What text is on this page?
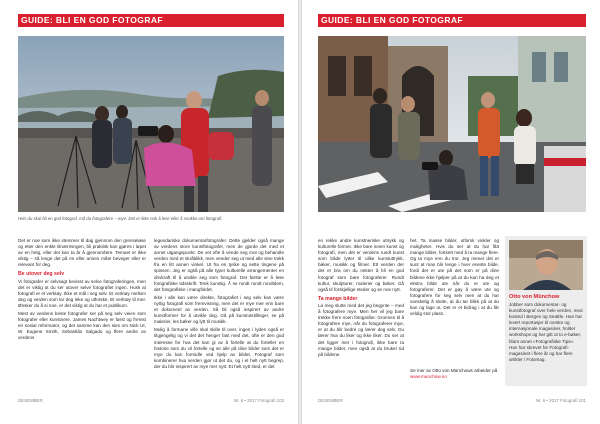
GUIDE: BLI EN GOD FOTOGRAF
Hvis du skal bli en god fotograf, må du fotografere – mye. Det er ikke nok å lese eller å snakke om fotografi.

Det er noe som ikke stemmer til dag gjennom den grenseløse og etter den enkle tilnærmingen, bli praktisk kan gjøres i løpet av en helg, eller det kan ta år å gjennomføre. Temaet er ikke viktig – så lenge det på en eller annen måte beveger eller er relevant for deg.

Be utover deg selv

Vi fotografer er selvsagt bevisst av selve fotograferingen, men det er viktig at du ser utover selve fotografiet ingen. Husk at fotografi er et verktøy. Ikke et mål i seg selv. Et verktøy mellom deg og verden som lar deg leke og utforske. Et verktøy til mer. Ønsker du å si noe, er det viktig at du har et publikum.

Mest av verdens beste fotografer ser på seg selv veien som fotografer eller kunstnere. James Nachtwey er først og fremst en sosial reformator, og det samme kan den sies om Nick Ut, W. Eugene Smith, Sebastião Salgado og flere andre av verdens

legendariske dokumentarfotografer. Dette gjelder også mange av verdens store kunstfotografer, men de gjorde det med et annet utgangspunkt. De vet ofte å vende seg mot og behandle verden med et skråblikk, men vender seg ut med alle sine trekk fra en litt annen vinkel. Ut fra en tyske og sette tingene på spissen. Jeg er også på alle typer kulturelle arrangementer en drivkraft til å utvikle seg som fotograf. Det første er å lese fotografiske tidsskrift. Tenk kunstig. Å se rundt rundt rundtdem, det fotografiske i mangfoldet.

Ikke i alle kan være direkte, fotografiet i seg selv kan være nyttig fotografi som fremvisning, men det er mye mer enn bare et dokument av verden. Så bli også inspirert av andre kunstformer for å utvikle deg. Gå på kunstutstillinger, se på malerier, les bøker og lytt til musikk.

Mulig å formane ville skal skille til over, ingen i lyden også er tilgjengelig og vi det det henger fast med det, ofte er den god interesse for hva det kan gi av å fortelle at du forteller en historie som du vil fortelle og se alle på dine bilder som det er mye du kan formidle ved hjelp av bildet. Fotograf som kombinerer hva verden gjør ut det du, og i et helt nytt begrep, der du blir inspirert av mye mer nytt. Et helt nytt sted, er det

DESEMBER	Nr. 6 • 2017 Fotografi 103
GUIDE: BLI EN GOD FOTOGRAF

en rekke andre kunstneriske uttrykk og kulturelle former. Ikke bare innen kunst og fotografi, men det er verdens rundt kunst som både lytter til ulike kunstuttrykk, bøker, musikk og filmer. Ett verden der det er bra om du nekter å bli en god fotograf som bare fotograferer. Rundt kultur, skulpturer, malerier og bøker. Gå også til forskjellige steder og se noe nytt.

Ta mange bilder

La meg slutte med det jeg begynte – med å fotografere mye. Men her vil jeg bare trekke frem noen fotografier. Grunnen til å fotografere mye, når du fotograferer mye, er at du blir bedre og lærer deg selv. Du lærer hva du liker og ikke liker. Du ser at det ligger mer i fotografi, ikke bare ta mange bilder, men også at du bruker tid på bildene.

het. Ta masse bilder, utforsk vinkler og muligheter. Hvis du ser at du har fått mange bilder, fortsett med å ta mange flere. Og ta mye enn du tror. Jeg mener det er sunt at man blir lenge i hver eneste bilde, fordi det er ute på det som er på dine bildene ikke hjelper på at du kan ha deg et ekstra bilde ute når du er ute og fotograferer. Det er gøy å være ute og fotografere for seg selv men at du har vanskelig å slutte, at du tar blikk på at du kan og lage ut. Det er et bidrag i at du får veldig stor plass.

Se mer av Otto von Münchows arbeider på www.munchow.no
Otto von Münchow
Jobber som dokumentar- og kunstfotograf over hele verden, med bosted i Bergen og Seattle. Han har levert reportasjer til norske og internasjonale magasiner, holder workshops og har gitt ut to e-bøker, blant annet «Fotografiske Tips». Han har skrevet for Fotografi-magasinet i flere år og har flere artikler i Fotomag.
DESEMBER	Nr. 6 • 2017 Fotografi 101
